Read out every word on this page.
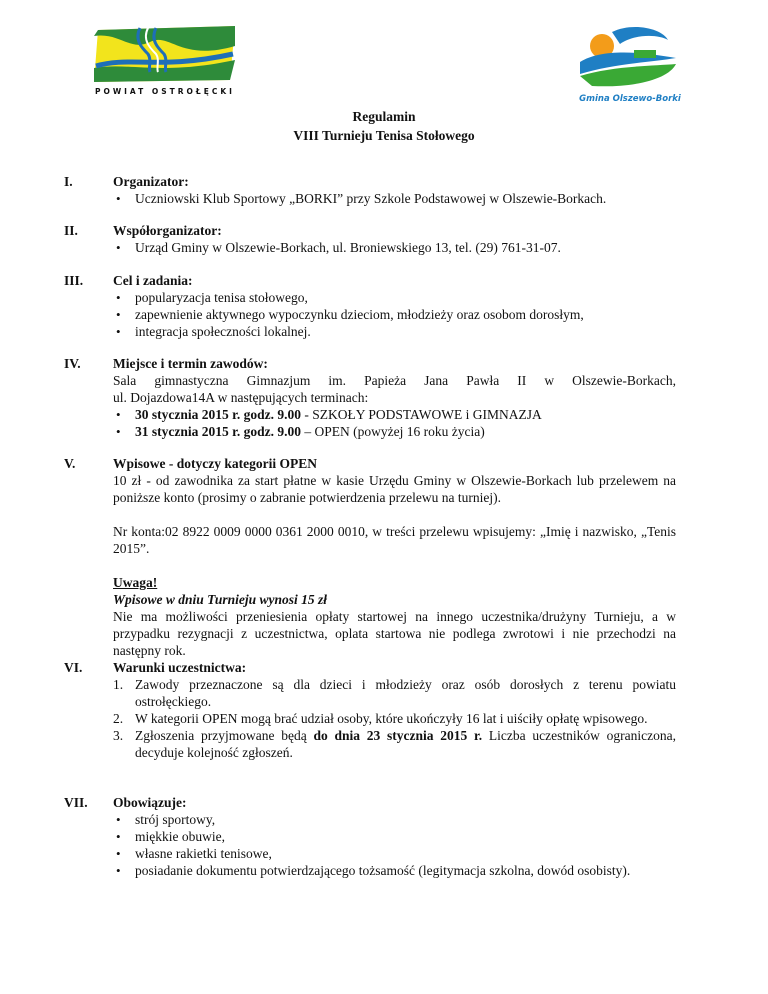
POWIAT OSTROŁĘCKI
Gmina Olszewo-Borki
Regulamin
VIII Turnieju Tenisa Stołowego
I.	Organizator:
• Uczniowski Klub Sportowy „BORKI” przy Szkole Podstawowej w Olszewie-Borkach.
II.	Współorganizator:
• Urząd Gminy w Olszewie-Borkach, ul. Broniewskiego 13, tel. (29) 761-31-07.
III.	Cel i zadania:
• popularyzacja tenisa stołowego,
• zapewnienie aktywnego wypoczynku dzieciom, młodzieży oraz osobom dorosłym,
• integracja społeczności lokalnej.
IV.	Miejsce i termin zawodów:
Sala gimnastyczna Gimnazjum im. Papieża Jana Pawła II w Olszewie-Borkach,
ul. Dojazdowa14A w następujących terminach:
• 30 stycznia 2015 r. godz. 9.00 - SZKOŁY PODSTAWOWE i GIMNAZJA
• 31 stycznia 2015 r. godz. 9.00 – OPEN (powyżej 16 roku życia)
V.	Wpisowe - dotyczy kategorii OPEN
10 zł - od zawodnika za start płatne w kasie Urzędu Gminy w Olszewie-Borkach lub przelewem na poniższe konto (prosimy o zabranie potwierdzenia przelewu na turniej).
Nr konta:02 8922 0009 0000 0361 2000 0010, w treści przelewu wpisujemy: „Imię i nazwisko, „Tenis 2015”.
Uwaga!
Wpisowe w dniu Turnieju wynosi 15 zł
Nie ma możliwości przeniesienia opłaty startowej na innego uczestnika/drużyny Turnieju, a w przypadku rezygnacji z uczestnictwa, oplata startowa nie podlega zwrotowi i nie przechodzi na następny rok.
VI.	Warunki uczestnictwa:
1. Zawody przeznaczone są dla dzieci i młodzieży oraz osób dorosłych z terenu powiatu ostrołęckiego.
2. W kategorii OPEN mogą brać udział osoby, które ukończyły 16 lat i uiściły opłatę wpisowego.
3. Zgłoszenia przyjmowane będą do dnia 23 stycznia 2015 r. Liczba uczestników ograniczona, decyduje kolejność zgłoszeń.
VII.	Obowiązuje:
• strój sportowy,
• miękkie obuwie,
• własne rakietki tenisowe,
• posiadanie dokumentu potwierdzającego tożsamość (legitymacja szkolna, dowód osobisty).
